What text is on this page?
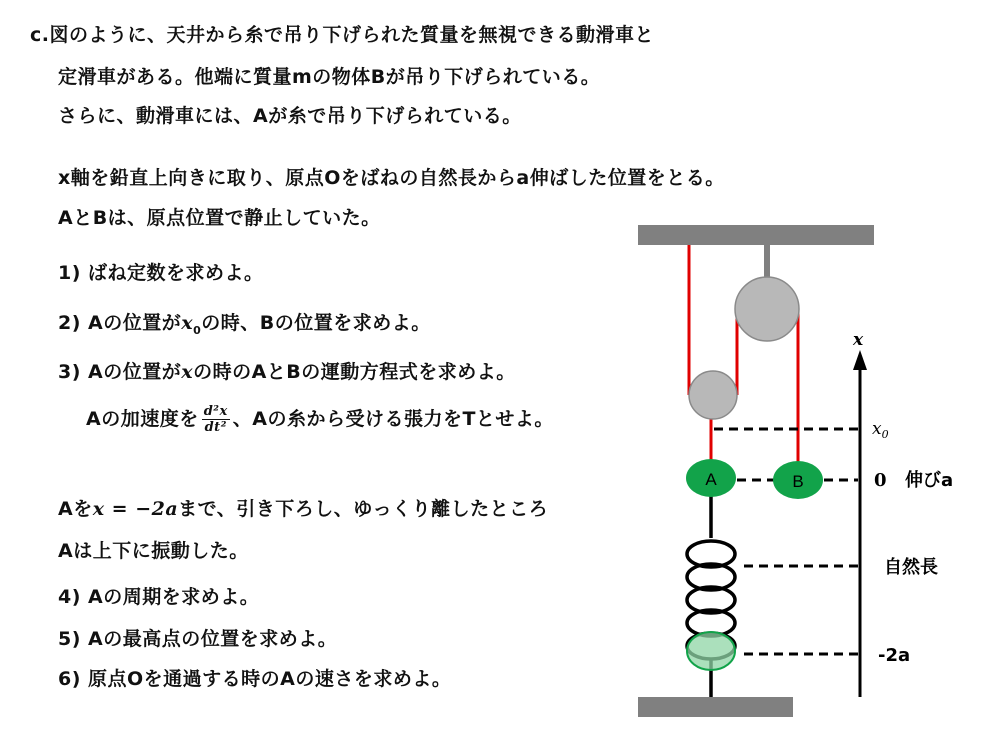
c.図のように、天井から糸で吊り下げられた質量を無視できる動滑車と
定滑車がある。他端に質量mの物体Bが吊り下げられている。
さらに、動滑車には、Aが糸で吊り下げられている。
x軸を鉛直上向きに取り、原点Oをばねの自然長からa伸ばした位置をとる。
AとBは、原点位置で静止していた。
1) ばね定数を求めよ。
2) Aの位置が$x_0$の時、Bの位置を求めよ。
3) Aの位置がxの時のAとBの運動方程式を求めよ。
Aの加速度を $\frac{\text{d²x}}{\text{dt²}}$ 、Aの糸から受ける張力をTとせよ。
Aをx = −2aまで、引き下ろし、ゆっくり離したところ
Aは上下に振動した。
4) Aの周期を求めよ。
5) Aの最高点の位置を求めよ。
6) 原点Oを通過する時のAの速さを求めよ。
A	B
x
$x_0$
0 伸びa
自然長
-2a
